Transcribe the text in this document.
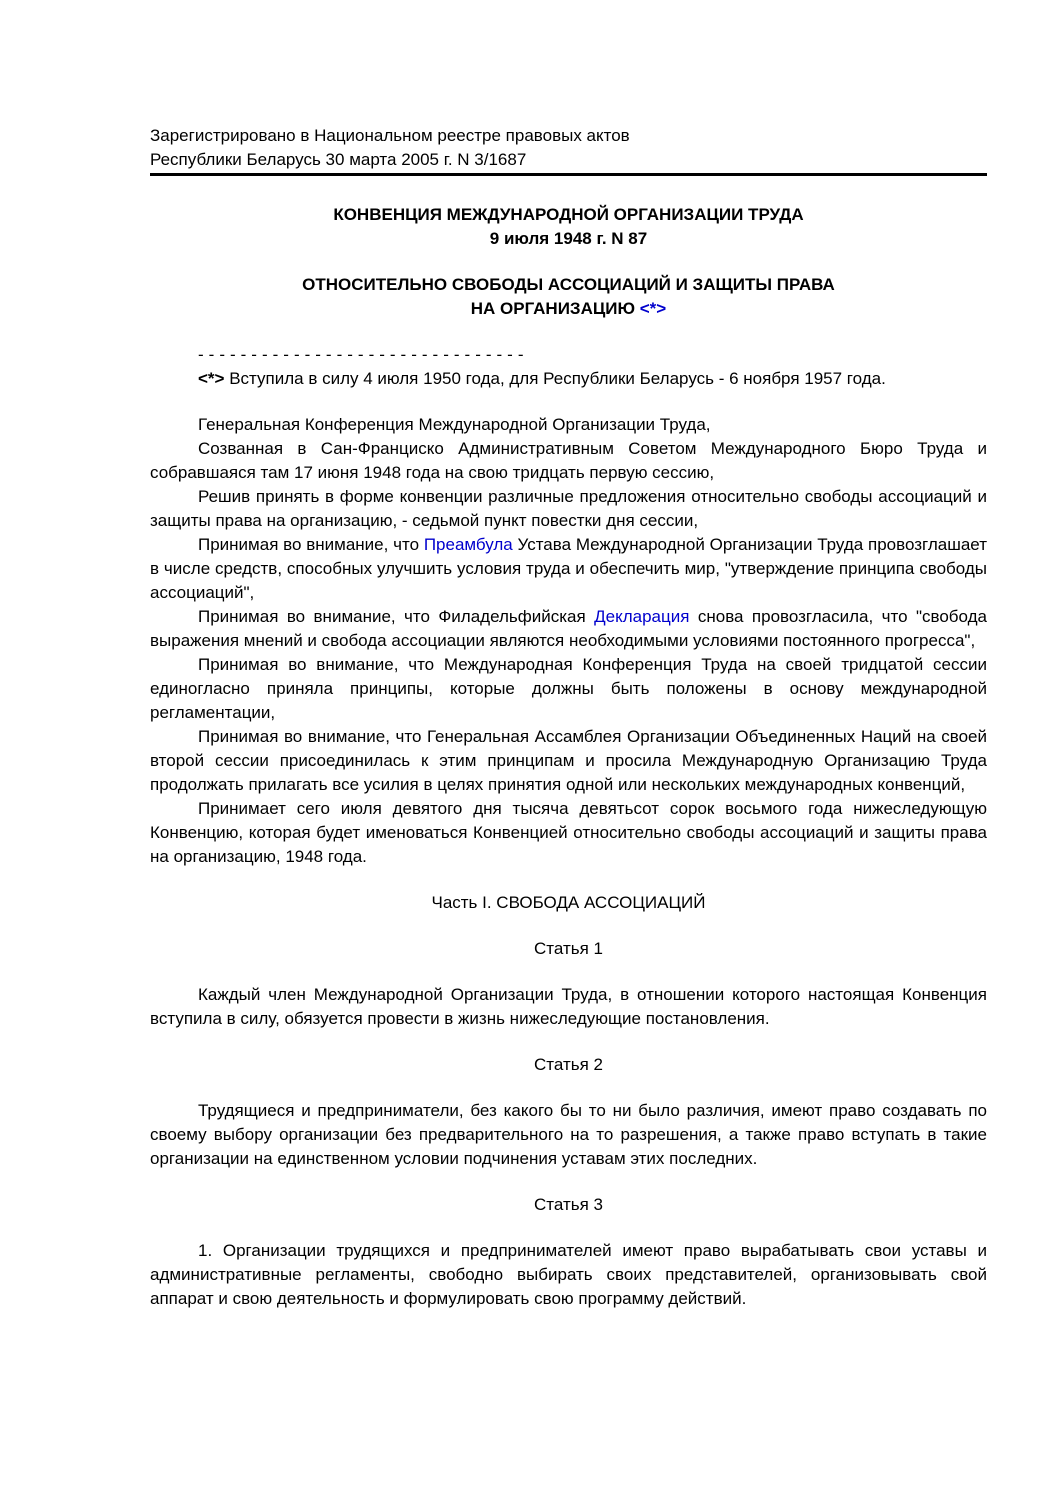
Зарегистрировано в Национальном реестре правовых актов
Республики Беларусь 30 марта 2005 г. N 3/1687
КОНВЕНЦИЯ МЕЖДУНАРОДНОЙ ОРГАНИЗАЦИИ ТРУДА
9 июля 1948 г. N 87
ОТНОСИТЕЛЬНО СВОБОДЫ АССОЦИАЦИЙ И ЗАЩИТЫ ПРАВА
НА ОРГАНИЗАЦИЮ <*>
-------------------------------
<*> Вступила в силу 4 июля 1950 года, для Республики Беларусь - 6 ноября 1957 года.

Генеральная Конференция Международной Организации Труда,

Созванная в Сан-Франциско Административным Советом Международного Бюро Труда и собравшаяся там 17 июня 1948 года на свою тридцать первую сессию,

Решив принять в форме конвенции различные предложения относительно свободы ассоциаций и защиты права на организацию, - седьмой пункт повестки дня сессии,

Принимая во внимание, что Преамбула Устава Международной Организации Труда провозглашает в числе средств, способных улучшить условия труда и обеспечить мир, "утверждение принципа свободы ассоциаций",

Принимая во внимание, что Филадельфийская Декларация снова провозгласила, что "свобода выражения мнений и свобода ассоциации являются необходимыми условиями постоянного прогресса",

Принимая во внимание, что Международная Конференция Труда на своей тридцатой сессии единогласно приняла принципы, которые должны быть положены в основу международной регламентации,

Принимая во внимание, что Генеральная Ассамблея Организации Объединенных Наций на своей второй сессии присоединилась к этим принципам и просила Международную Организацию Труда продолжать прилагать все усилия в целях принятия одной или нескольких международных конвенций,

Принимает сего июля девятого дня тысяча девятьсот сорок восьмого года нижеследующую Конвенцию, которая будет именоваться Конвенцией относительно свободы ассоциаций и защиты права на организацию, 1948 года.

Часть I. СВОБОДА АССОЦИАЦИЙ
Статья 1

Каждый член Международной Организации Труда, в отношении которого настоящая Конвенция вступила в силу, обязуется провести в жизнь нижеследующие постановления.

Статья 2

Трудящиеся и предприниматели, без какого бы то ни было различия, имеют право создавать по своему выбору организации без предварительного на то разрешения, а также право вступать в такие организации на единственном условии подчинения уставам этих последних.

Статья 3

1. Организации трудящихся и предпринимателей имеют право вырабатывать свои уставы и административные регламенты, свободно выбирать своих представителей, организовывать свой аппарат и свою деятельность и формулировать свою программу действий.
